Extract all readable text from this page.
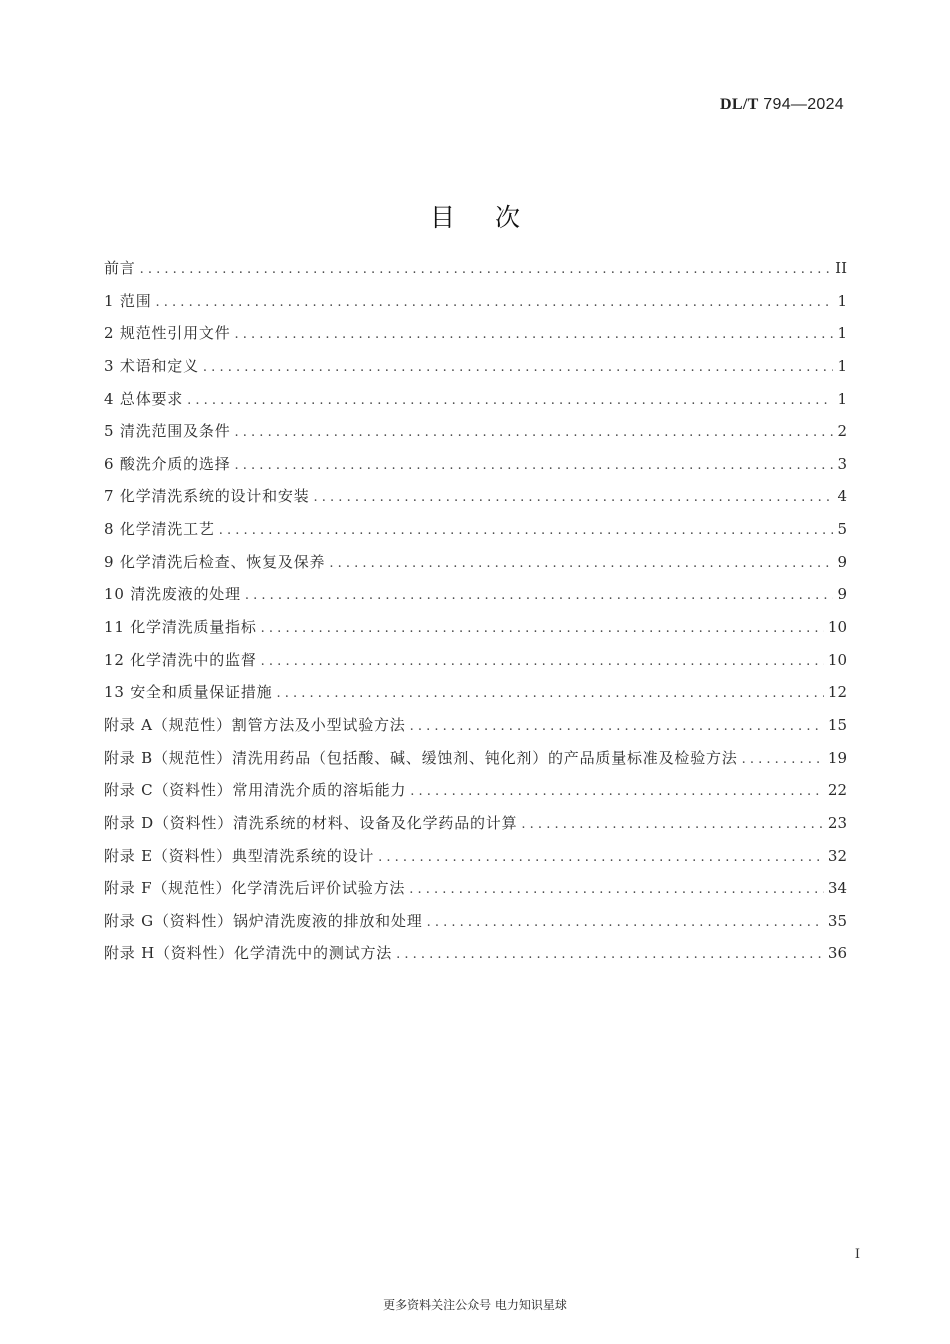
DL/T 794—2024
目次
前言 . . .	II
1 范围 . . .	1
2 规范性引用文件 . . .	1
3 术语和定义 . . .	1
4 总体要求 . . .	1
5 清洗范围及条件 . . .	2
6 酸洗介质的选择 . . .	3
7 化学清洗系统的设计和安装 . . .	4
8 化学清洗工艺 . . .	5
9 化学清洗后检查、恢复及保养 . . .	9
10 清洗废液的处理 . . .	9
11 化学清洗质量指标 . . .	10
12 化学清洗中的监督 . . .	10
13 安全和质量保证措施 . . .	12
附录 A（规范性）割管方法及小型试验方法 . . .	15
附录 B（规范性）清洗用药品（包括酸、碱、缓蚀剂、钝化剂）的产品质量标准及检验方法 . . .	19
附录 C（资料性）常用清洗介质的溶垢能力 . . .	22
附录 D（资料性）清洗系统的材料、设备及化学药品的计算 . . .	23
附录 E（资料性）典型清洗系统的设计 . . .	32
附录 F（规范性）化学清洗后评价试验方法 . . .	34
附录 G（资料性）锅炉清洗废液的排放和处理 . . .	35
附录 H（资料性）化学清洗中的测试方法 . . .	36
I
更多资料关注公众号 电力知识星球
